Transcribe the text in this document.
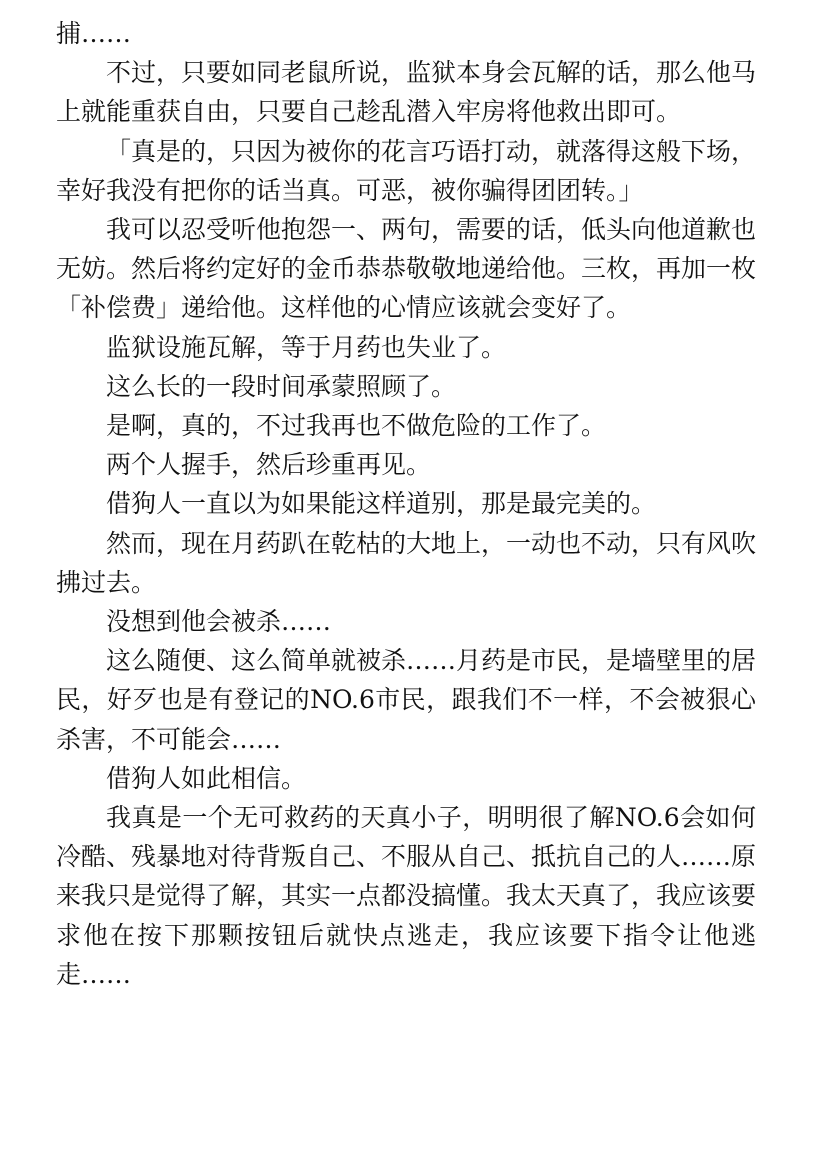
捕……

不过，只要如同老鼠所说，监狱本身会瓦解的话，那么他马上就能重获自由，只要自己趁乱潜入牢房将他救出即可。

「真是的，只因为被你的花言巧语打动，就落得这般下场，幸好我没有把你的话当真。可恶，被你骗得团团转。」

我可以忍受听他抱怨一、两句，需要的话，低头向他道歉也无妨。然后将约定好的金币恭恭敬敬地递给他。三枚，再加一枚「补偿费」递给他。这样他的心情应该就会变好了。

监狱设施瓦解，等于月药也失业了。

这么长的一段时间承蒙照顾了。

是啊，真的，不过我再也不做危险的工作了。

两个人握手，然后珍重再见。

借狗人一直以为如果能这样道别，那是最完美的。

然而，现在月药趴在乾枯的大地上，一动也不动，只有风吹拂过去。

没想到他会被杀……

这么随便、这么简单就被杀……月药是市民，是墙壁里的居民，好歹也是有登记的NO.6市民，跟我们不一样，不会被狠心杀害，不可能会……

借狗人如此相信。

我真是一个无可救药的天真小子，明明很了解NO.6会如何冷酷、残暴地对待背叛自己、不服从自己、抵抗自己的人……原来我只是觉得了解，其实一点都没搞懂。我太天真了，我应该要求他在按下那颗按钮后就快点逃走，我应该要下指令让他逃走……
